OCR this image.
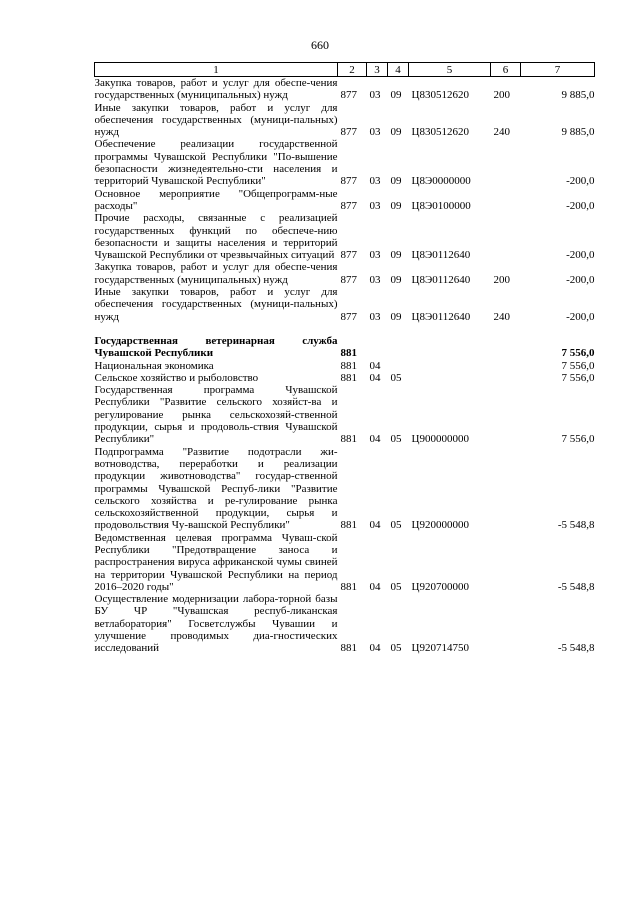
660
1	2	3	4	5	6	7
Закупка товаров, работ и услуг для обеспе-чения государственных (муниципальных) нужд	877	03	09	Ц830512620	200	9 885,0
Иные закупки товаров, работ и услуг для обеспечения государственных (муници-пальных) нужд	877	03	09	Ц830512620	240	9 885,0
Обеспечение реализации государственной программы Чувашской Республики "По-вышение безопасности жизнедеятельно-сти населения и территорий Чувашской Республики"	877	03	09	Ц8Э0000000		-200,0
Основное мероприятие "Общепрограмм-ные расходы"	877	03	09	Ц8Э0100000		-200,0
Прочие расходы, связанные с реализацией государственных функций по обеспече-нию безопасности и защиты населения и территорий Чувашской Республики от чрезвычайных ситуаций	877	03	09	Ц8Э0112640		-200,0
Закупка товаров, работ и услуг для обеспе-чения государственных (муниципальных) нужд	877	03	09	Ц8Э0112640	200	-200,0
Иные закупки товаров, работ и услуг для обеспечения государственных (муници-пальных) нужд	877	03	09	Ц8Э0112640	240	-200,0

Государственная ветеринарная служба Чувашской Республики	881					7 556,0
Национальная экономика	881	04				7 556,0
Сельское хозяйство и рыболовство	881	04	05			7 556,0
Государственная программа Чувашской Республики "Развитие сельского хозяйст-ва и регулирование рынка сельскохозяй-ственной продукции, сырья и продоволь-ствия Чувашской Республики"	881	04	05	Ц900000000		7 556,0
Подпрограмма "Развитие подотрасли жи-вотноводства, переработки и реализации продукции животноводства" государ-ственной программы Чувашской Респуб-лики "Развитие сельского хозяйства и ре-гулирование рынка сельскохозяйственной продукции, сырья и продовольствия Чу-вашской Республики"	881	04	05	Ц920000000		-5 548,8
Ведомственная целевая программа Чуваш-ской Республики "Предотвращение заноса и распространения вируса африканской чумы свиней на территории Чувашской Республики на период 2016–2020 годы"	881	04	05	Ц920700000		-5 548,8
Осуществление модернизации лабора-торной базы БУ ЧР "Чувашская респуб-ликанская ветлаборатория" Госветслужбы Чувашии и улучшение проводимых диа-гностических исследований	881	04	05	Ц920714750		-5 548,8
